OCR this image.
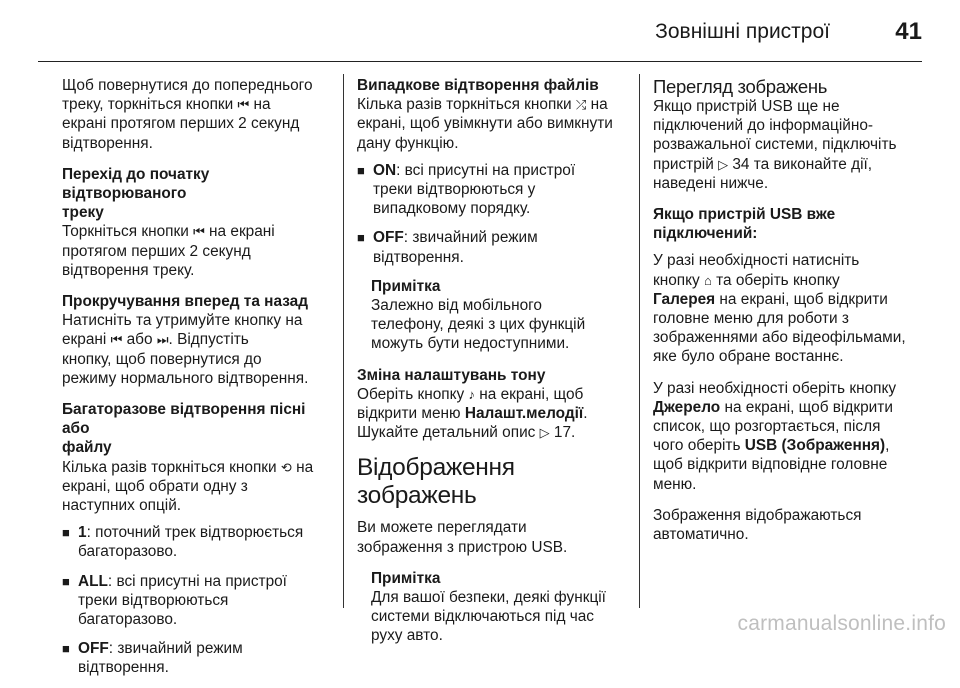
Зовнішні пристрої	41

Щоб повернутися до попереднього
треку, торкніться кнопки ⏮ на
екрані протягом перших 2 секунд
відтворення.

Перехід до початку відтворюваного
треку

Торкніться кнопки ⏮ на екрані
протягом перших 2 секунд
відтворення треку.

Прокручування вперед та назад

Натисніть та утримуйте кнопку на
екрані ⏮ або ⏭. Відпустіть
кнопку, щоб повернутися до
режиму нормального відтворення.

Багаторазове відтворення пісні або
файлу

Кілька разів торкніться кнопки ⟲ на
екрані, щоб обрати одну з
наступних опцій.

■ 1: поточний трек відтворюється
багаторазово.
■ ALL: всі присутні на пристрої
треки відтворюються
багаторазово.
■ OFF: звичайний режим
відтворення.
Випадкове відтворення файлів

Кілька разів торкніться кнопки ⤮ на
екрані, щоб увімкнути або вимкнути
дану функцію.

■ ON: всі присутні на пристрої
треки відтворюються у
випадковому порядку.
■ OFF: звичайний режим
відтворення.
Примітка
Залежно від мобільного
телефону, деякі з цих функцій
можуть бути недоступними.
Зміна налаштувань тону

Оберіть кнопку ♪ на екрані, щоб
відкрити меню Налашт.мелодії.
Шукайте детальний опис ▷ 17.

Відображення зображень

Ви можете переглядати
зображення з пристрою USB.

Примітка
Для вашої безпеки, деякі функції
системи відключаються під час
руху авто.
Перегляд зображень

Якщо пристрій USB ще не
підключений до інформаційно-
розважальної системи, підключіть
пристрій ▷ 34 та виконайте дії,
наведені нижче.

Якщо пристрій USB вже
підключений:

У разі необхідності натисніть
кнопку ⌂ та оберіть кнопку
Галерея на екрані, щоб відкрити
головне меню для роботи з
зображеннями або відеофільмами,
яке було обране востаннє.

У разі необхідності оберіть кнопку
Джерело на екрані, щоб відкрити
список, що розгортається, після
чого оберіть USB (Зображення),
щоб відкрити відповідне головне
меню.

Зображення відображаються
автоматично.

carmanualsonline.info
